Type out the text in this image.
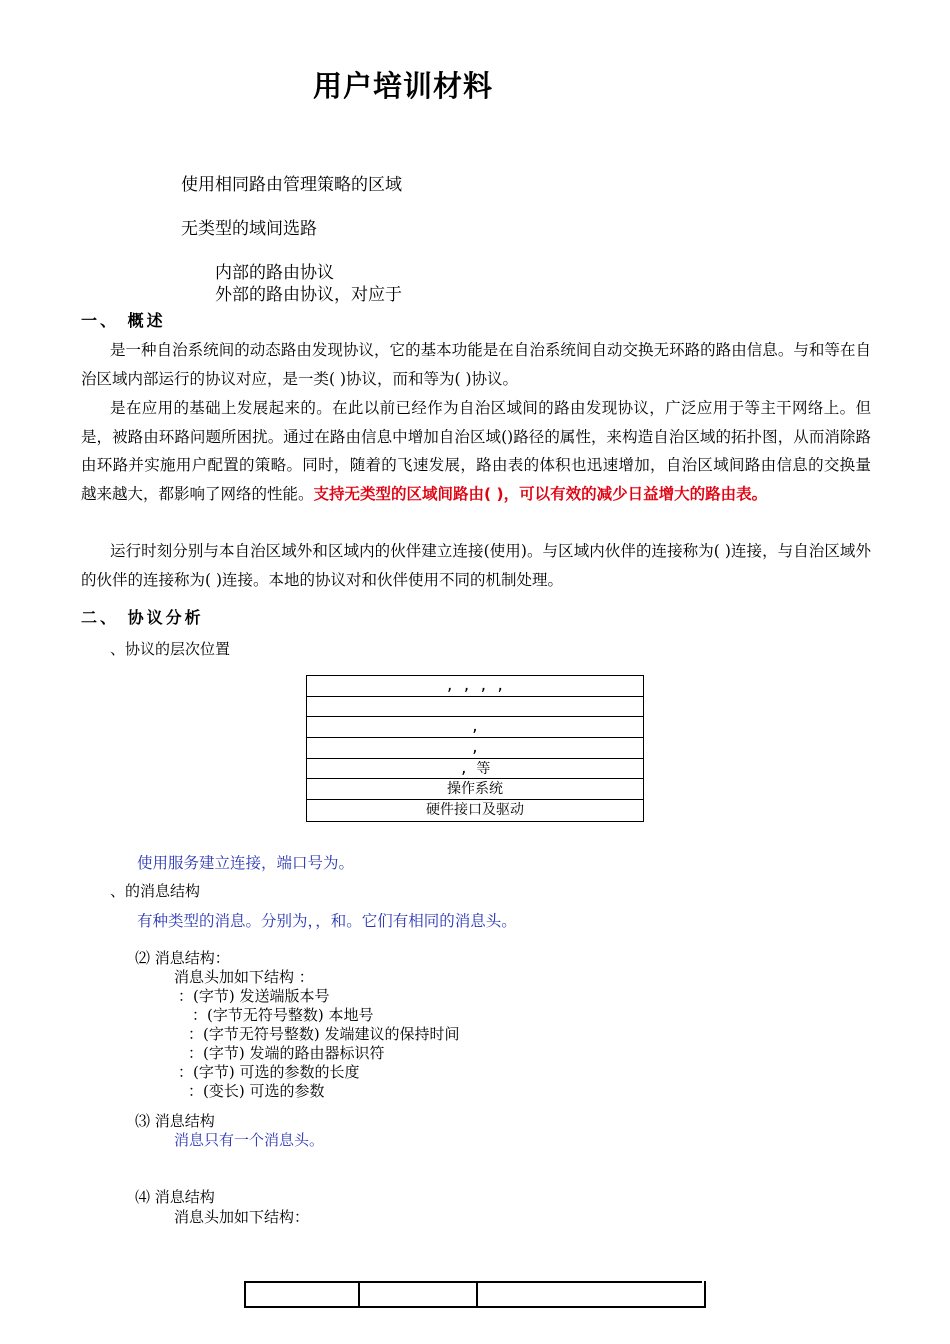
用户培训材料
使用相同路由管理策略的区域
无类型的域间选路
内部的路由协议
外部的路由协议，对应于
一、 概述
是一种自治系统间的动态路由发现协议，它的基本功能是在自治系统间自动交换无环路的路由信息。与和等在自治区域内部运行的协议对应，是一类( )协议，而和等为( )协议。
是在应用的基础上发展起来的。在此以前已经作为自治区域间的路由发现协议，广泛应用于等主干网络上。但是，被路由环路问题所困扰。通过在路由信息中增加自治区域()路径的属性，来构造自治区域的拓扑图，从而消除路由环路并实施用户配置的策略。同时，随着的飞速发展，路由表的体积也迅速增加，自治区域间路由信息的交换量越来越大，都影响了网络的性能。支持无类型的区域间路由( )，可以有效的减少日益增大的路由表。
运行时刻分别与本自治区域外和区域内的伙伴建立连接(使用)。与区域内伙伴的连接称为( )连接，与自治区域外的伙伴的连接称为( )连接。本地的协议对和伙伴使用不同的机制处理。
二、 协议分析
、协议的层次位置
, , , ,
,
,
, 等
操作系统
硬件接口及驱动
使用服务建立连接，端口号为。
、的消息结构
有种类型的消息。分别为，，和。它们有相同的消息头。
⑵ 消息结构：
消息头加如下结构 ：
：(字节) 发送端版本号
：(字节无符号整数) 本地号
：(字节无符号整数) 发端建议的保持时间
：(字节) 发端的路由器标识符
：(字节) 可选的参数的长度
：(变长) 可选的参数
⑶ 消息结构
消息只有一个消息头。
⑷ 消息结构
消息头加如下结构：
